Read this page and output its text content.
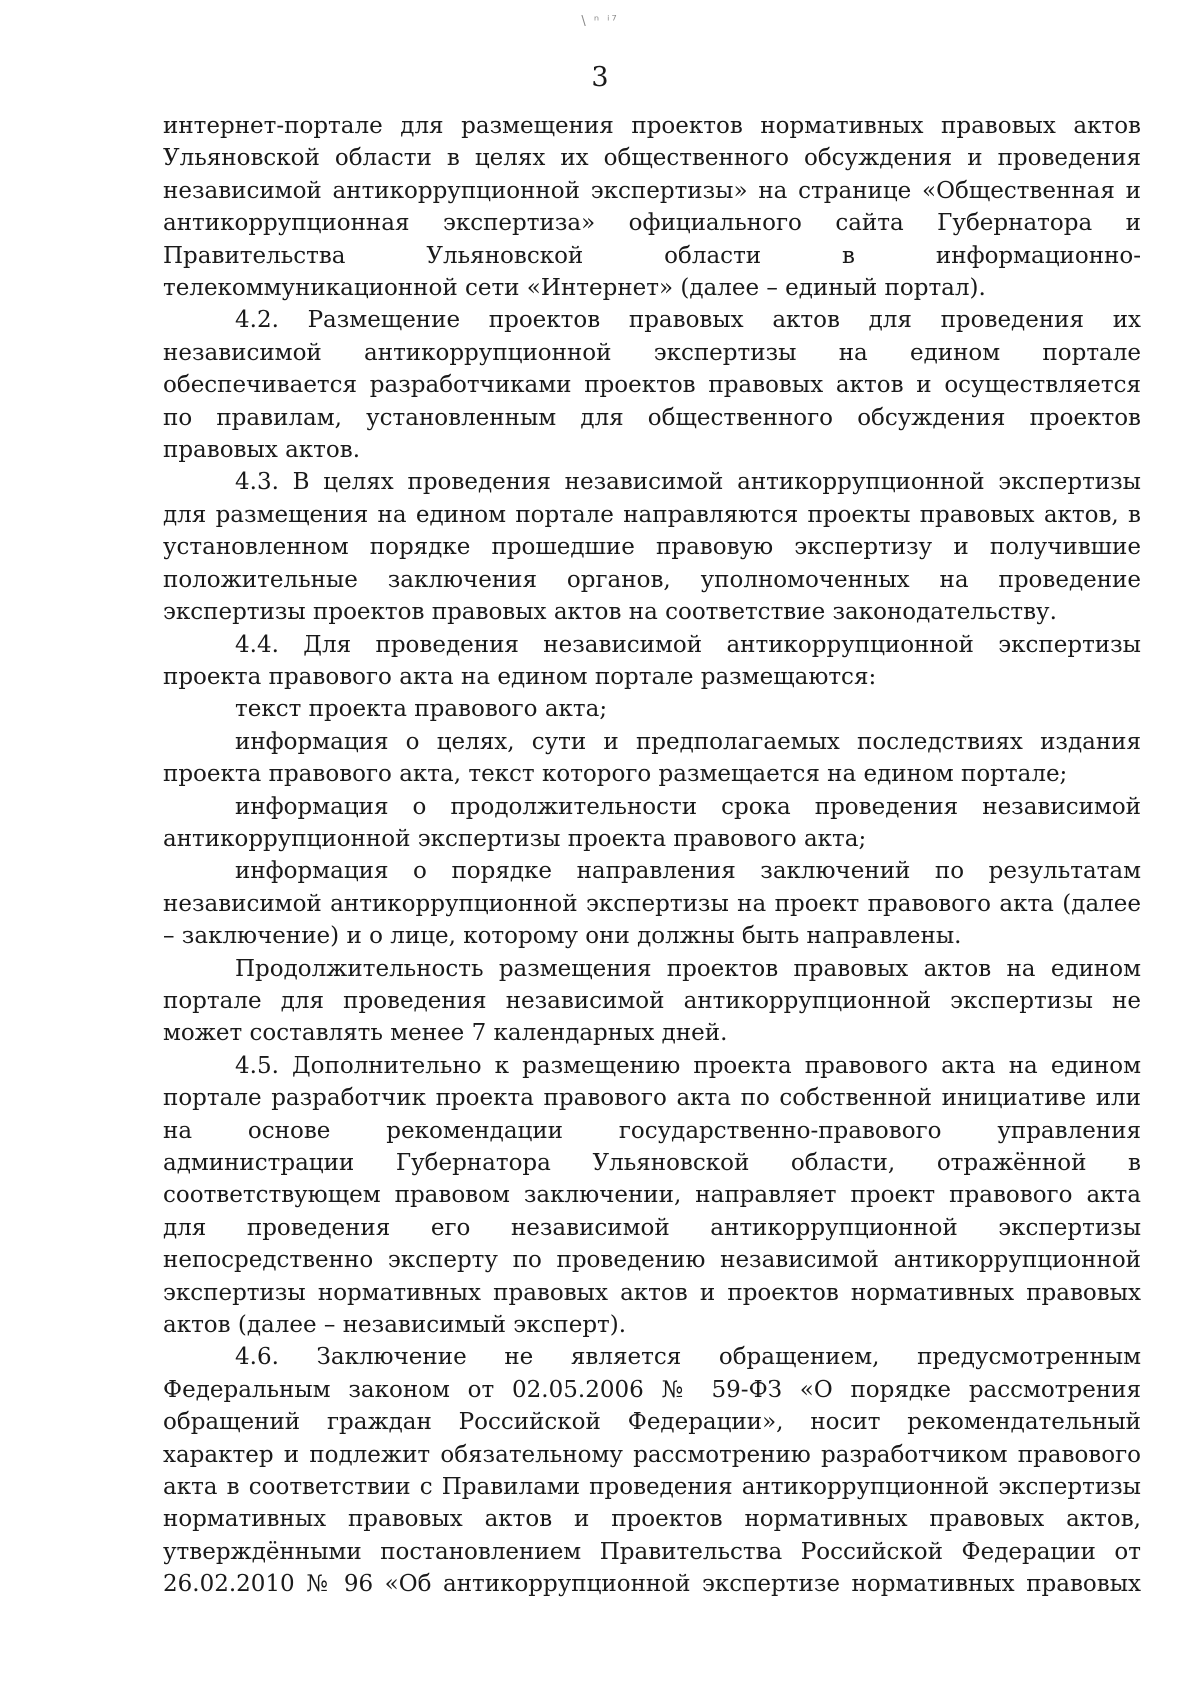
\ ⁿ ⁱ⁷
3

интернет-портале для размещения проектов нормативных правовых актов Ульяновской области в целях их общественного обсуждения и проведения независимой антикоррупционной экспертизы» на странице «Общественная и антикоррупционная экспертиза» официального сайта Губернатора и Правительства Ульяновской области в информационно-телекоммуникационной сети «Интернет» (далее – единый портал).

4.2. Размещение проектов правовых актов для проведения их независимой антикоррупционной экспертизы на едином портале обеспечивается разработчиками проектов правовых актов и осуществляется по правилам, установленным для общественного обсуждения проектов правовых актов.

4.3. В целях проведения независимой антикоррупционной экспертизы для размещения на едином портале направляются проекты правовых актов, в установленном порядке прошедшие правовую экспертизу и получившие положительные заключения органов, уполномоченных на проведение экспертизы проектов правовых актов на соответствие законодательству.

4.4. Для проведения независимой антикоррупционной экспертизы проекта правового акта на едином портале размещаются:

текст проекта правового акта;

информация о целях, сути и предполагаемых последствиях издания проекта правового акта, текст которого размещается на едином портале;

информация о продолжительности срока проведения независимой антикоррупционной экспертизы проекта правового акта;

информация о порядке направления заключений по результатам независимой антикоррупционной экспертизы на проект правового акта (далее – заключение) и о лице, которому они должны быть направлены.

Продолжительность размещения проектов правовых актов на едином портале для проведения независимой антикоррупционной экспертизы не может составлять менее 7 календарных дней.

4.5. Дополнительно к размещению проекта правового акта на едином портале разработчик проекта правового акта по собственной инициативе или на основе рекомендации государственно-правового управления администрации Губернатора Ульяновской области, отражённой в соответствующем правовом заключении, направляет проект правового акта для проведения его независимой антикоррупционной экспертизы непосредственно эксперту по проведению независимой антикоррупционной экспертизы нормативных правовых актов и проектов нормативных правовых актов (далее – независимый эксперт).

4.6. Заключение не является обращением, предусмотренным Федеральным законом от 02.05.2006 № 59-ФЗ «О порядке рассмотрения обращений граждан Российской Федерации», носит рекомендательный характер и подлежит обязательному рассмотрению разработчиком правового акта в соответствии с Правилами проведения антикоррупционной экспертизы нормативных правовых актов и проектов нормативных правовых актов, утверждёнными постановлением Правительства Российской Федерации от 26.02.2010 № 96 «Об антикоррупционной экспертизе нормативных правовых
